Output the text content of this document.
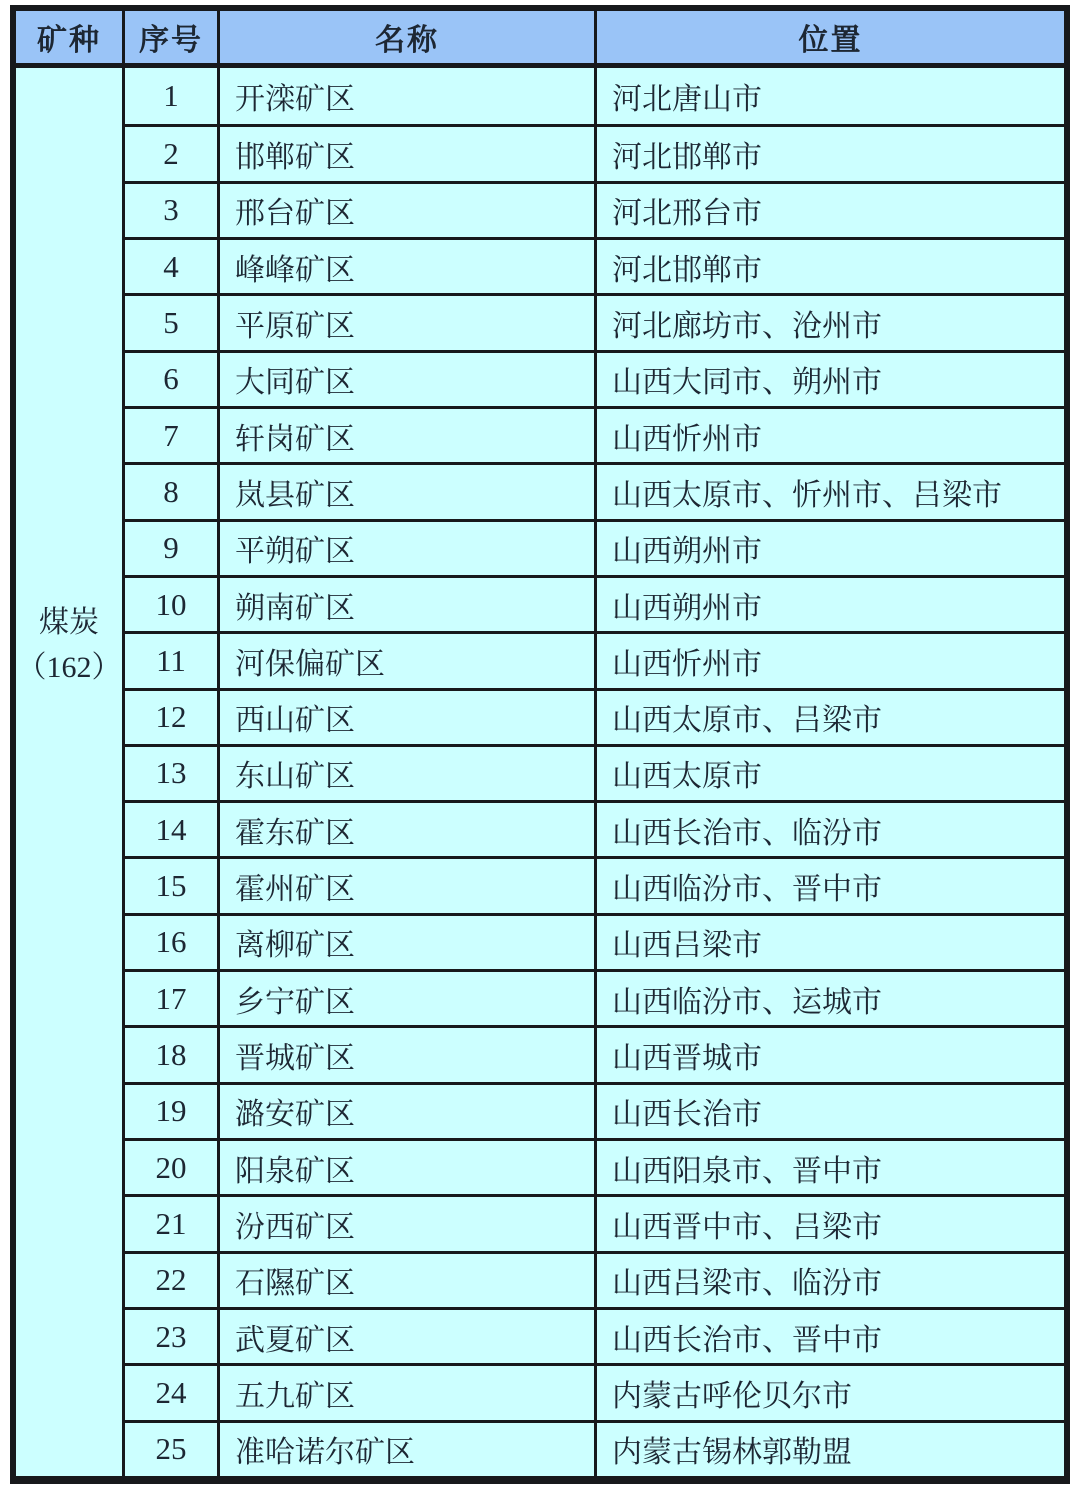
矿种	序号	名称	位置
煤炭
（162）
1	开滦矿区	河北唐山市
2	邯郸矿区	河北邯郸市
3	邢台矿区	河北邢台市
4	峰峰矿区	河北邯郸市
5	平原矿区	河北廊坊市、沧州市
6	大同矿区	山西大同市、朔州市
7	轩岗矿区	山西忻州市
8	岚县矿区	山西太原市、忻州市、吕梁市
9	平朔矿区	山西朔州市
10	朔南矿区	山西朔州市
11	河保偏矿区	山西忻州市
12	西山矿区	山西太原市、吕梁市
13	东山矿区	山西太原市
14	霍东矿区	山西长治市、临汾市
15	霍州矿区	山西临汾市、晋中市
16	离柳矿区	山西吕梁市
17	乡宁矿区	山西临汾市、运城市
18	晋城矿区	山西晋城市
19	潞安矿区	山西长治市
20	阳泉矿区	山西阳泉市、晋中市
21	汾西矿区	山西晋中市、吕梁市
22	石隰矿区	山西吕梁市、临汾市
23	武夏矿区	山西长治市、晋中市
24	五九矿区	内蒙古呼伦贝尔市
25	准哈诺尔矿区	内蒙古锡林郭勒盟
